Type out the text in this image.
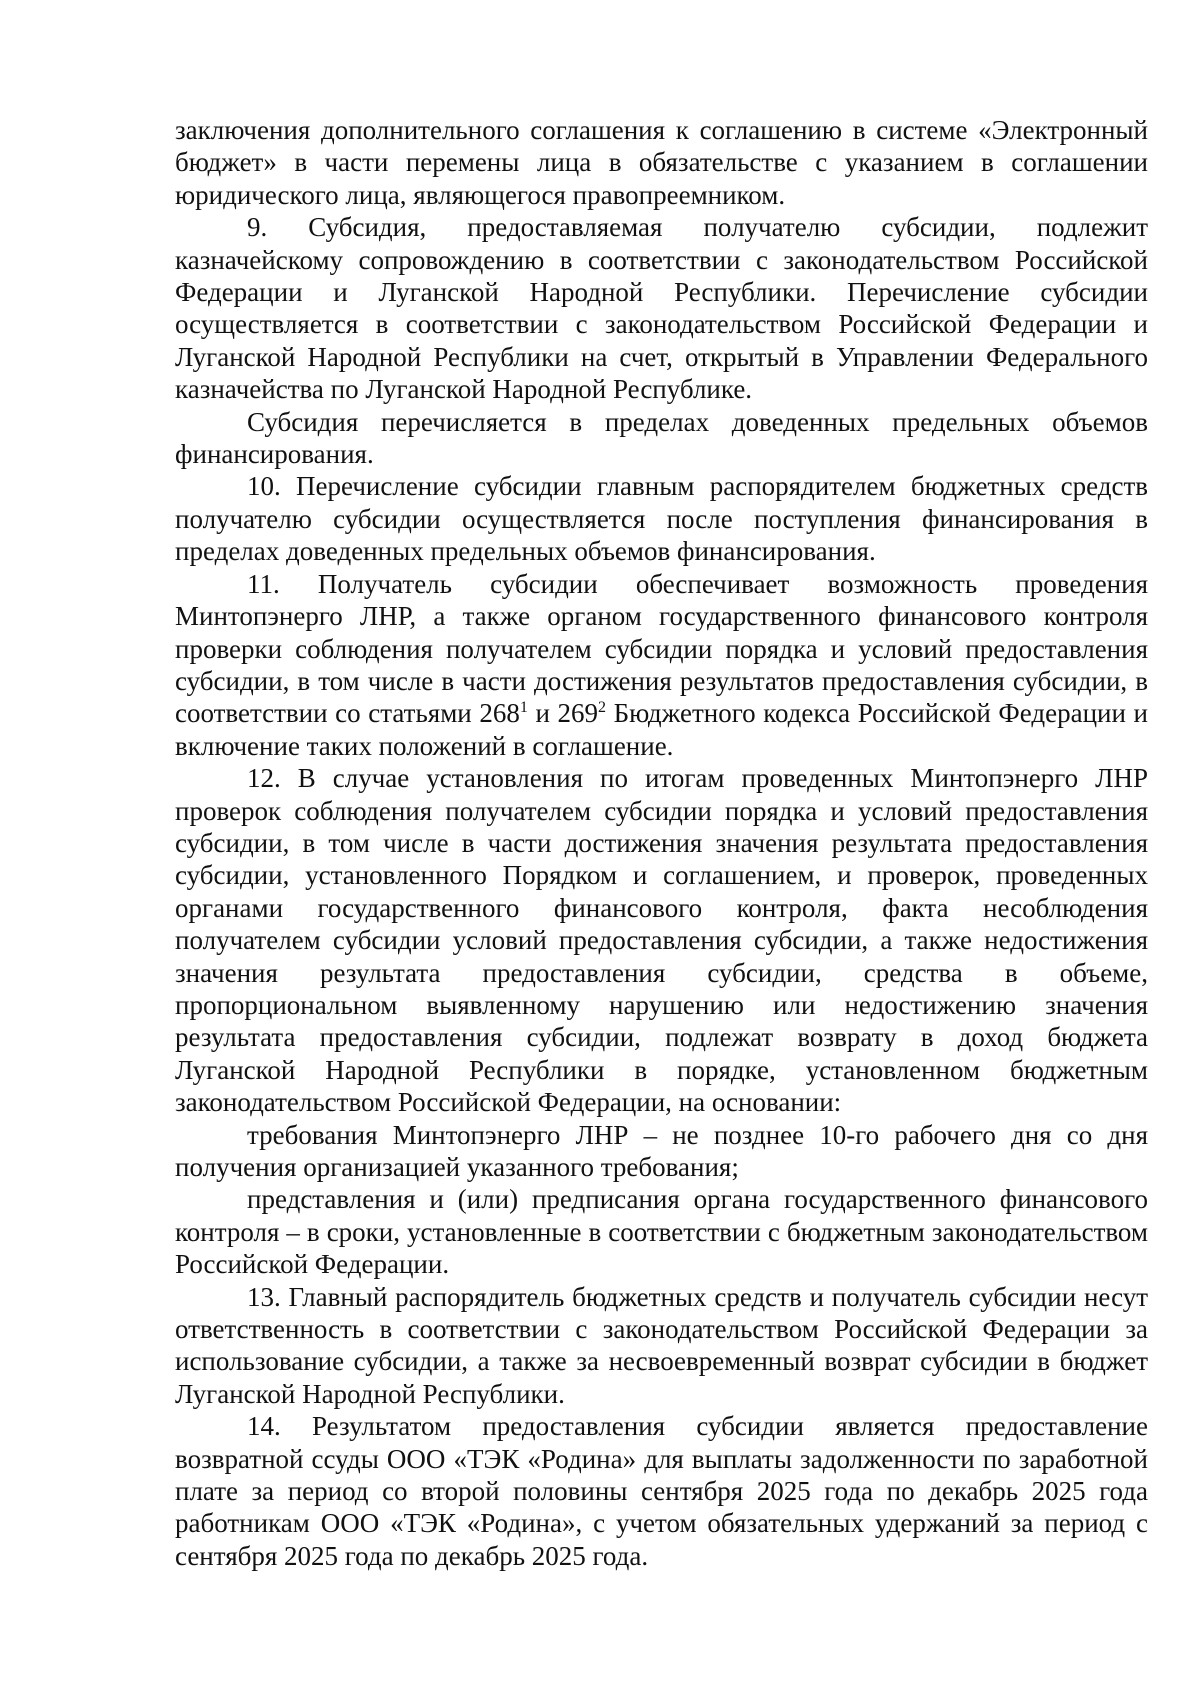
заключения дополнительного соглашения к соглашению в системе «Электронный бюджет» в части перемены лица в обязательстве с указанием в соглашении юридического лица, являющегося правопреемником.

9. Субсидия, предоставляемая получателю субсидии, подлежит казначейскому сопровождению в соответствии с законодательством Российской Федерации и Луганской Народной Республики. Перечисление субсидии осуществляется в соответствии с законодательством Российской Федерации и Луганской Народной Республики на счет, открытый в Управлении Федерального казначейства по Луганской Народной Республике.

Субсидия перечисляется в пределах доведенных предельных объемов финансирования.

10. Перечисление субсидии главным распорядителем бюджетных средств получателю субсидии осуществляется после поступления финансирования в пределах доведенных предельных объемов финансирования.

11. Получатель субсидии обеспечивает возможность проведения Минтопэнерго ЛНР, а также органом государственного финансового контроля проверки соблюдения получателем субсидии порядка и условий предоставления субсидии, в том числе в части достижения результатов предоставления субсидии, в соответствии со статьями $268^1$ и $269^2$ Бюджетного кодекса Российской Федерации и включение таких положений в соглашение.

12. В случае установления по итогам проведенных Минтопэнерго ЛНР проверок соблюдения получателем субсидии порядка и условий предоставления субсидии, в том числе в части достижения значения результата предоставления субсидии, установленного Порядком и соглашением, и проверок, проведенных органами государственного финансового контроля, факта несоблюдения получателем субсидии условий предоставления субсидии, а также недостижения значения результата предоставления субсидии, средства в объеме, пропорциональном выявленному нарушению или недостижению значения результата предоставления субсидии, подлежат возврату в доход бюджета Луганской Народной Республики в порядке, установленном бюджетным законодательством Российской Федерации, на основании:

требования Минтопэнерго ЛНР – не позднее 10-го рабочего дня со дня получения организацией указанного требования;

представления и (или) предписания органа государственного финансового контроля – в сроки, установленные в соответствии с бюджетным законодательством Российской Федерации.

13. Главный распорядитель бюджетных средств и получатель субсидии несут ответственность в соответствии с законодательством Российской Федерации за использование субсидии, а также за несвоевременный возврат субсидии в бюджет Луганской Народной Республики.

14. Результатом предоставления субсидии является предоставление возвратной ссуды ООО «ТЭК «Родина» для выплаты задолженности по заработной плате за период со второй половины сентября 2025 года по декабрь 2025 года работникам ООО «ТЭК «Родина», с учетом обязательных удержаний за период с сентября 2025 года по декабрь 2025 года.
